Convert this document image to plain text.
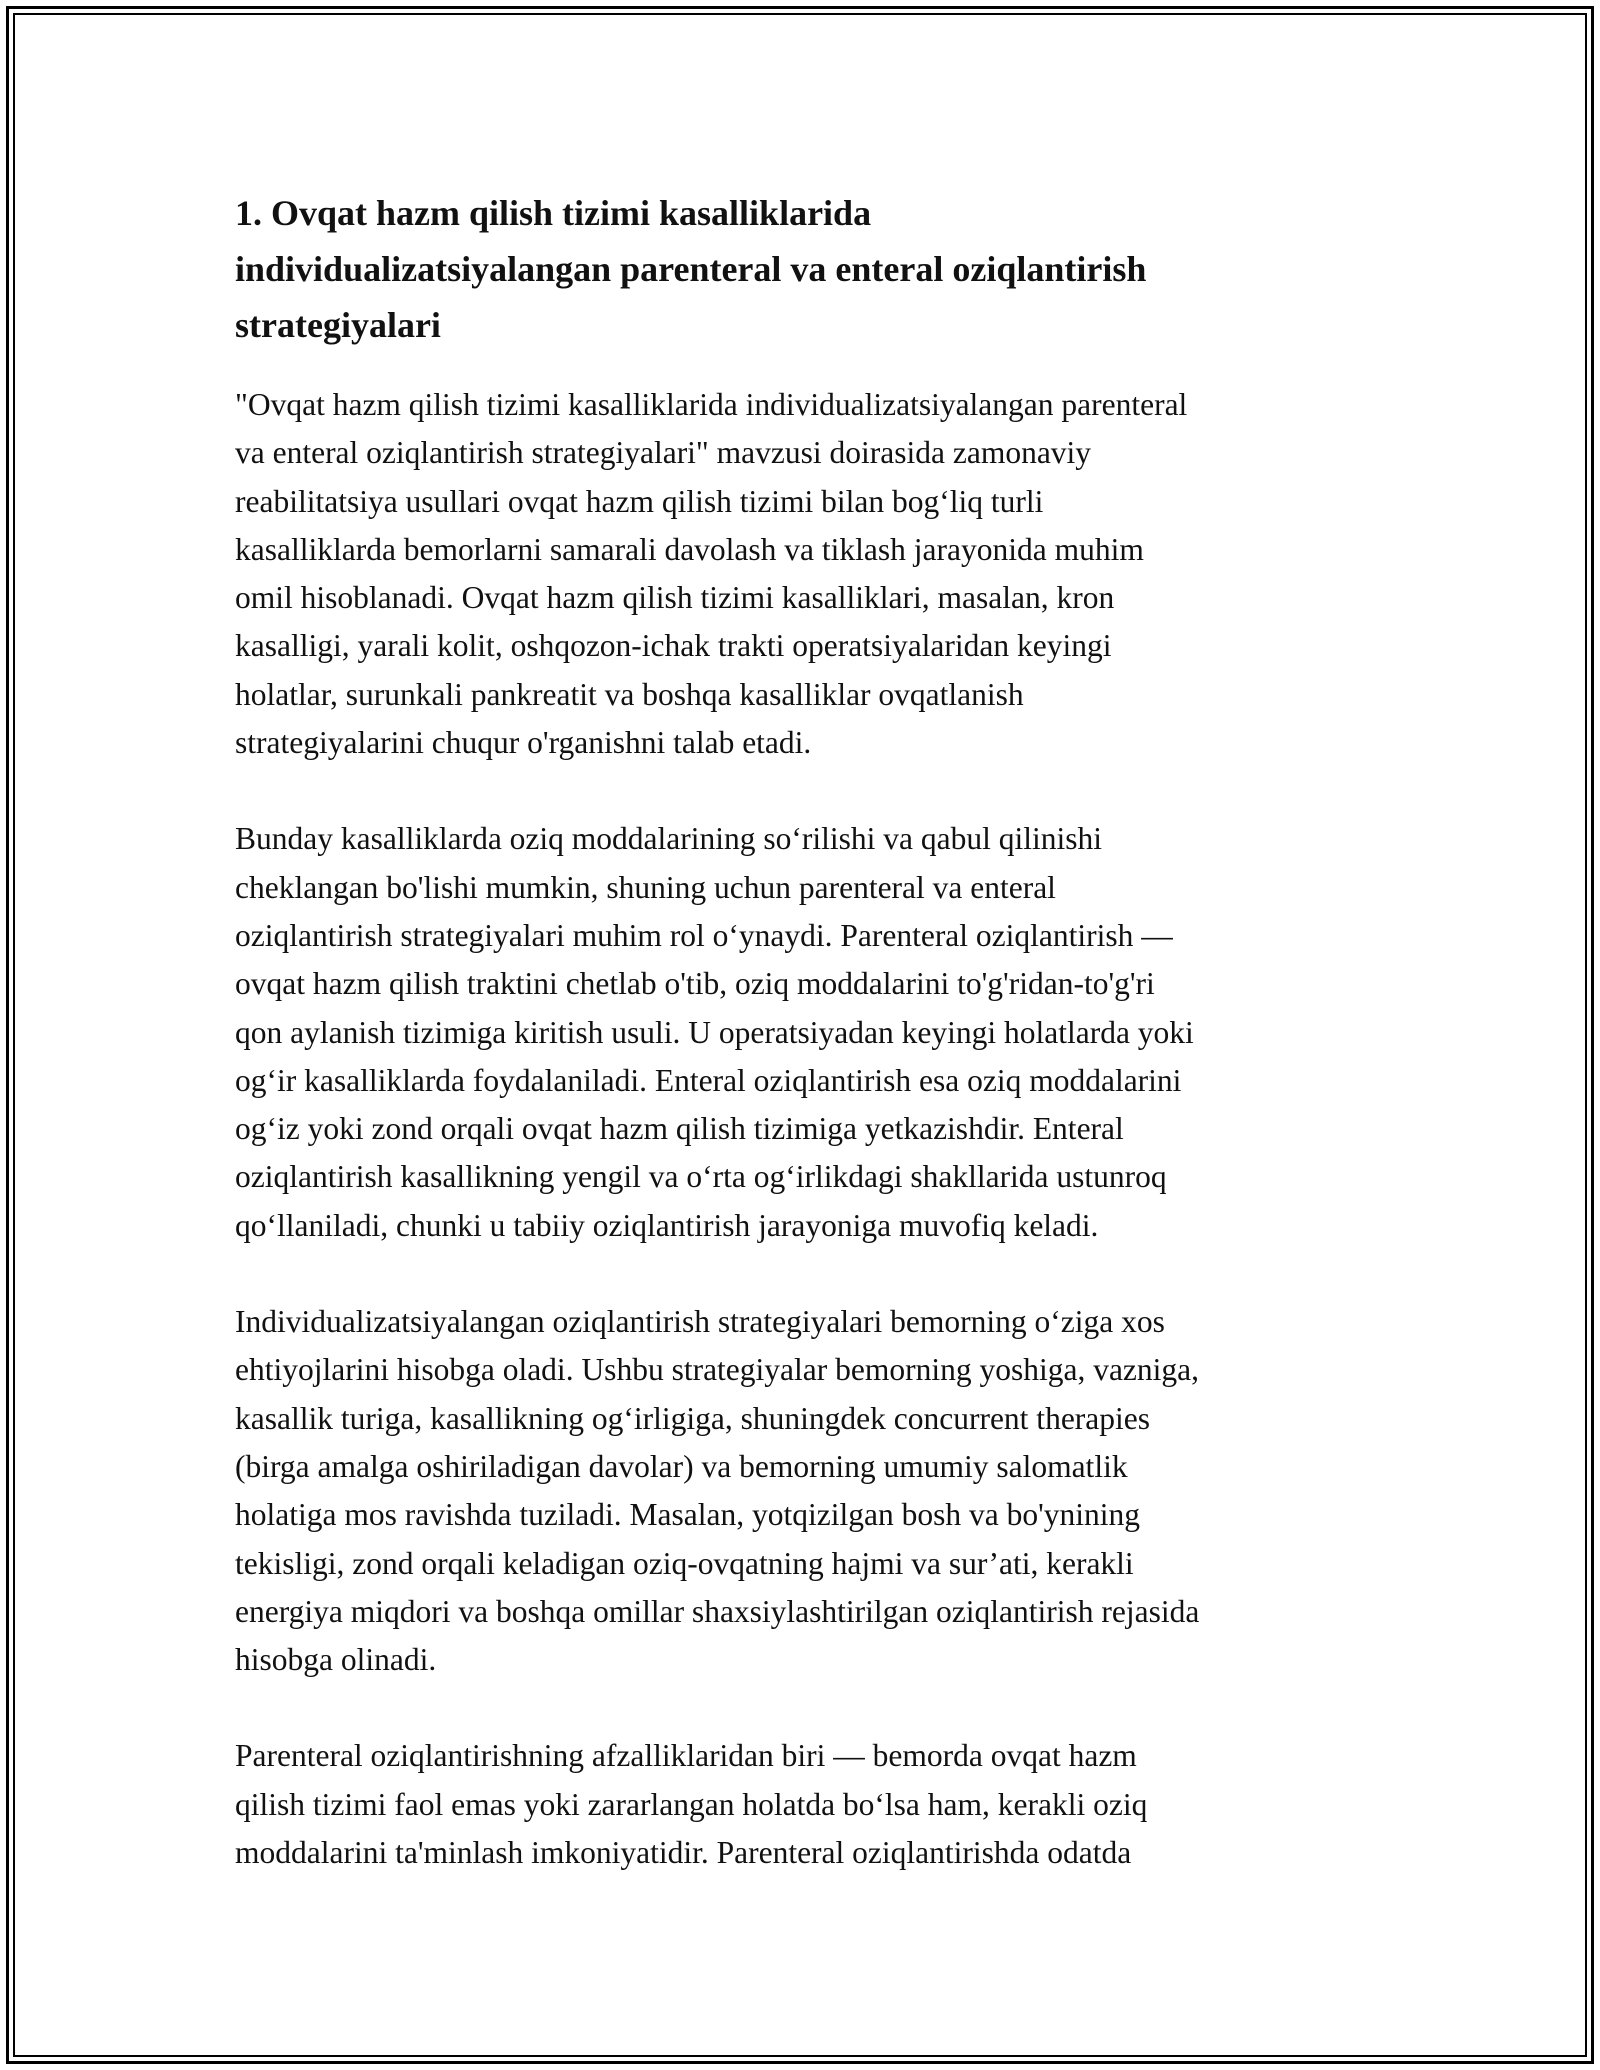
1. Ovqat hazm qilish tizimi kasalliklarida
individualizatsiyalangan parenteral va enteral oziqlantirish
strategiyalari

"Ovqat hazm qilish tizimi kasalliklarida individualizatsiyalangan parenteral
va enteral oziqlantirish strategiyalari" mavzusi doirasida zamonaviy
reabilitatsiya usullari ovqat hazm qilish tizimi bilan bog‘liq turli
kasalliklarda bemorlarni samarali davolash va tiklash jarayonida muhim
omil hisoblanadi. Ovqat hazm qilish tizimi kasalliklari, masalan, kron
kasalligi, yarali kolit, oshqozon-ichak trakti operatsiyalaridan keyingi
holatlar, surunkali pankreatit va boshqa kasalliklar ovqatlanish
strategiyalarini chuqur o'rganishni talab etadi.

Bunday kasalliklarda oziq moddalarining so‘rilishi va qabul qilinishi
cheklangan bo'lishi mumkin, shuning uchun parenteral va enteral
oziqlantirish strategiyalari muhim rol o‘ynaydi. Parenteral oziqlantirish —
ovqat hazm qilish traktini chetlab o'tib, oziq moddalarini to'g'ridan-to'g'ri
qon aylanish tizimiga kiritish usuli. U operatsiyadan keyingi holatlarda yoki
og‘ir kasalliklarda foydalaniladi. Enteral oziqlantirish esa oziq moddalarini
og‘iz yoki zond orqali ovqat hazm qilish tizimiga yetkazishdir. Enteral
oziqlantirish kasallikning yengil va o‘rta og‘irlikdagi shakllarida ustunroq
qo‘llaniladi, chunki u tabiiy oziqlantirish jarayoniga muvofiq keladi.

Individualizatsiyalangan oziqlantirish strategiyalari bemorning o‘ziga xos
ehtiyojlarini hisobga oladi. Ushbu strategiyalar bemorning yoshiga, vazniga,
kasallik turiga, kasallikning og‘irligiga, shuningdek concurrent therapies
(birga amalga oshiriladigan davolar) va bemorning umumiy salomatlik
holatiga mos ravishda tuziladi. Masalan, yotqizilgan bosh va bo'ynining
tekisligi, zond orqali keladigan oziq-ovqatning hajmi va sur’ati, kerakli
energiya miqdori va boshqa omillar shaxsiylashtirilgan oziqlantirish rejasida
hisobga olinadi.

Parenteral oziqlantirishning afzalliklaridan biri — bemorda ovqat hazm
qilish tizimi faol emas yoki zararlangan holatda bo‘lsa ham, kerakli oziq
moddalarini ta'minlash imkoniyatidir. Parenteral oziqlantirishda odatda
